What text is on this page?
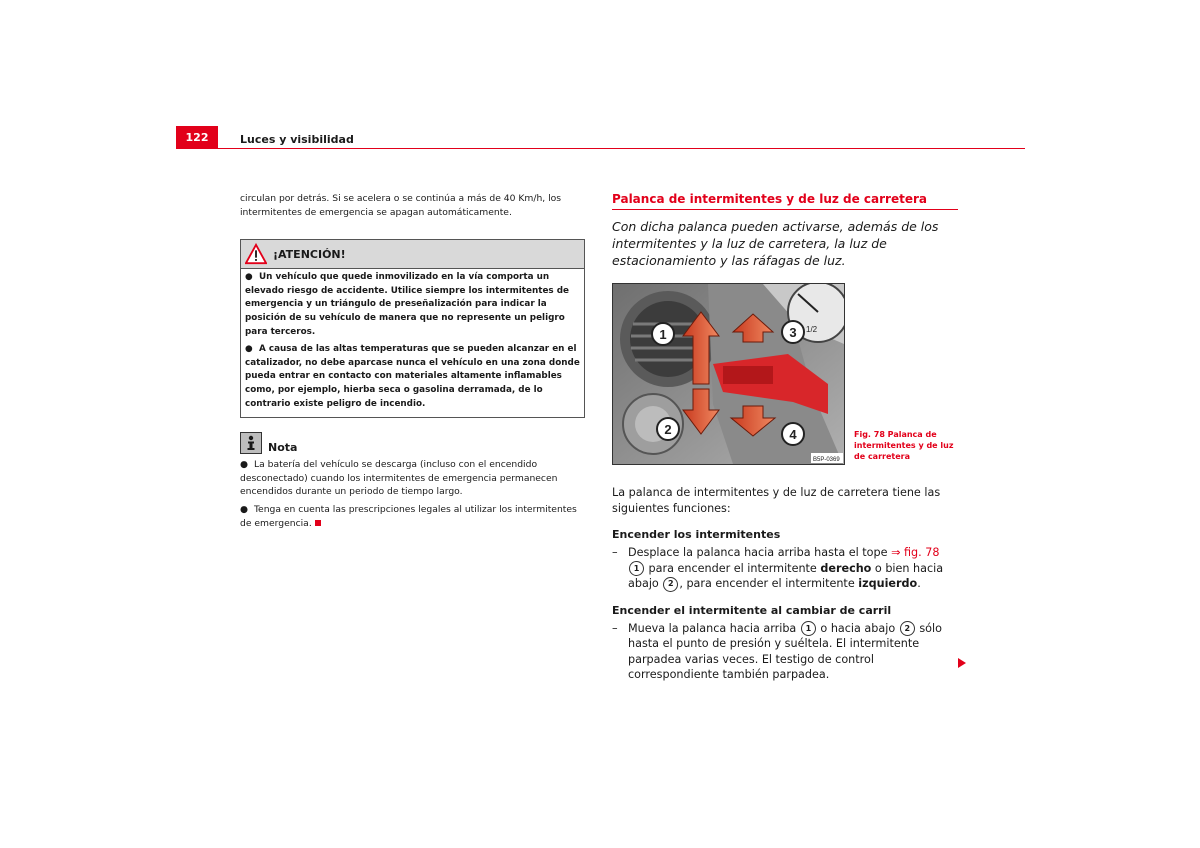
122	Luces y visibilidad

circulan por detrás. Si se acelera o se continúa a más de 40 Km/h, los intermitentes de emergencia se apagan automáticamente.

¡ATENCIÓN!
● Un vehículo que quede inmovilizado en la vía comporta un elevado riesgo de accidente. Utilice siempre los intermitentes de emergencia y un triángulo de preseñalización para indicar la posición de su vehículo de manera que no represente un peligro para terceros.
● A causa de las altas temperaturas que se pueden alcanzar en el catalizador, no debe aparcase nunca el vehículo en una zona donde pueda entrar en contacto con materiales altamente inflamables como, por ejemplo, hierba seca o gasolina derramada, de lo contrario existe peligro de incendio.
Nota
● La batería del vehículo se descarga (incluso con el encendido desconectado) cuando los intermitentes de emergencia permanecen encendidos durante un periodo de tiempo largo.
● Tenga en cuenta las prescripciones legales al utilizar los intermitentes de emergencia.
Palanca de intermitentes y de luz de carretera

Con dicha palanca pueden activarse, además de los intermitentes y la luz de carretera, la luz de estacionamiento y las ráfagas de luz.

1/2
1
2
3
4
B5P-0369
Fig. 78 Palanca de intermitentes y de luz de carretera

La palanca de intermitentes y de luz de carretera tiene las siguientes funciones:

Encender los intermitentes
– Desplace la palanca hacia arriba hasta el tope ⇒ fig. 78 1 para encender el intermitente derecho o bien hacia abajo 2 , para encender el intermitente izquierdo.
Encender el intermitente al cambiar de carril
– Mueva la palanca hacia arriba 1 o hacia abajo 2 sólo hasta el punto de presión y suéltela. El intermitente parpadea varias veces. El testigo de control correspondiente también parpadea.
